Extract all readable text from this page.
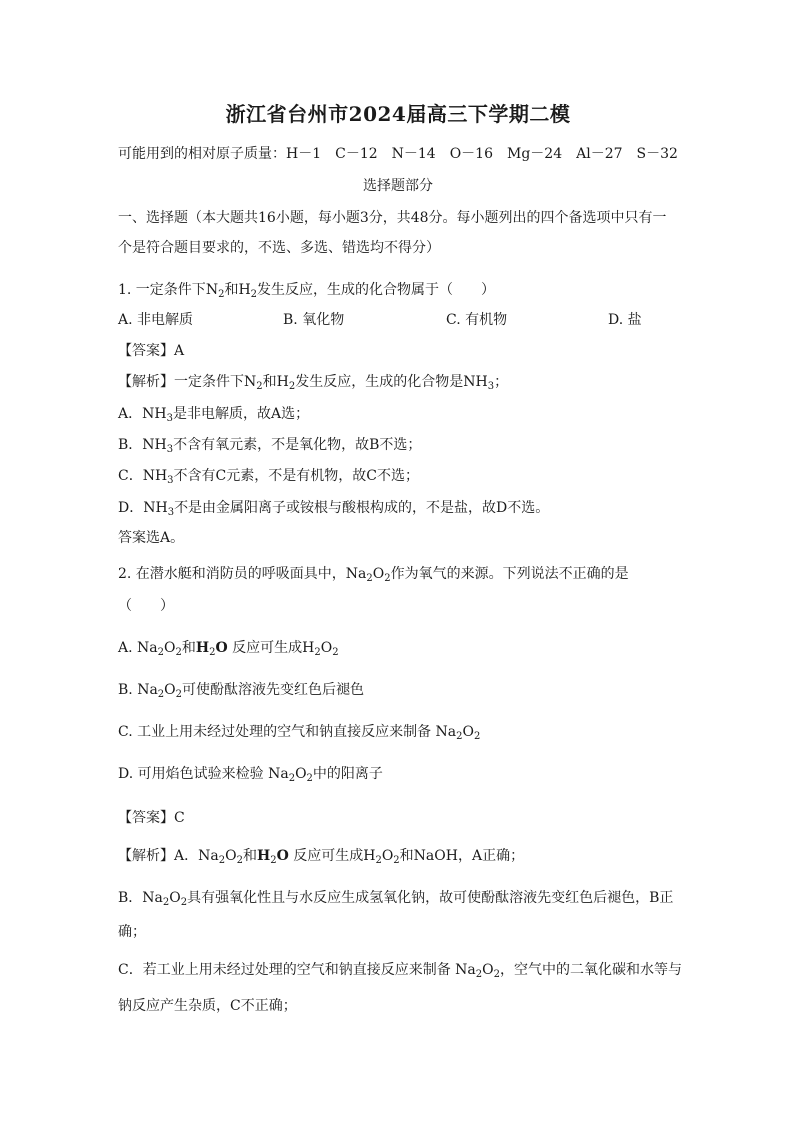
浙江省台州市2024届高三下学期二模
可能用到的相对原子质量：H－1　C－12　N－14　O－16　Mg－24　Al－27　S－32
选择题部分
一、选择题（本大题共16小题，每小题3分，共48分。每小题列出的四个备选项中只有一
个是符合题目要求的，不选、多选、错选均不得分）
1. 一定条件下$N_2$和$H_2$发生反应，生成的化合物属于（　　）
A. 非电解质	B. 氧化物	C. 有机物	D. 盐
【答案】A
【解析】一定条件下$N_2$和$H_2$发生反应，生成的化合物是$NH_3$；
A．$NH_3$是非电解质，故A选；
B．$NH_3$不含有氧元素，不是氧化物，故B不选；
C．$NH_3$不含有C元素，不是有机物，故C不选；
D．$NH_3$不是由金属阳离子或铵根与酸根构成的，不是盐，故D不选。
答案选A。
2. 在潜水艇和消防员的呼吸面具中，$Na_2O_2$作为氧气的来源。下列说法不正确的是
（　　）
A. $Na_2O_2$和$H_2O$ 反应可生成$H_2O_2$
B. $Na_2O_2$可使酚酞溶液先变红色后褪色
C. 工业上用未经过处理的空气和钠直接反应来制备 $Na_2O_2$
D. 可用焰色试验来检验 $Na_2O_2$中的阳离子
【答案】C
【解析】A．$Na_2O_2$和$H_2O$ 反应可生成$H_2O_2$和NaOH，A正确；
B．$Na_2O_2$具有强氧化性且与水反应生成氢氧化钠，故可使酚酞溶液先变红色后褪色，B正
确；
C．若工业上用未经过处理的空气和钠直接反应来制备 $Na_2O_2$，空气中的二氧化碳和水等与
钠反应产生杂质，C不正确；
